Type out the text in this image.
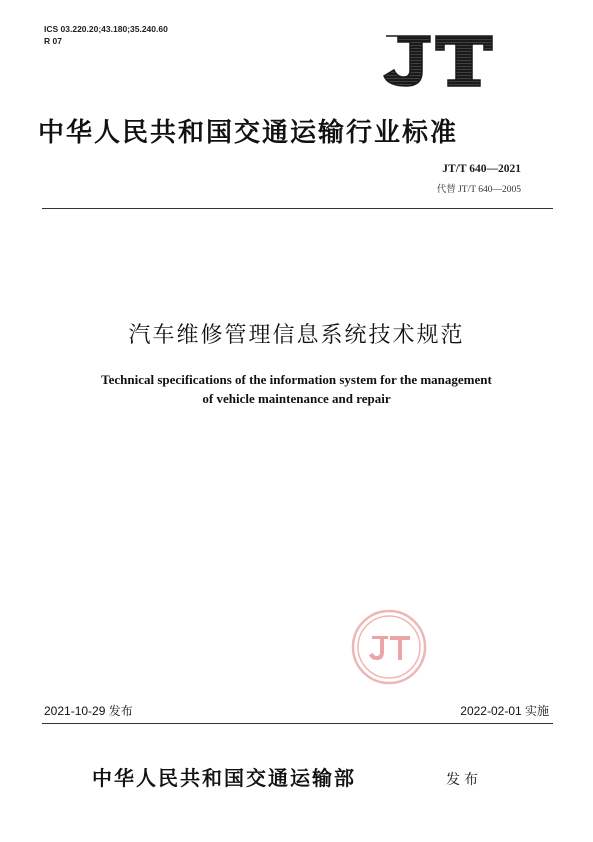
ICS 03.220.20;43.180;35.240.60
R 07
中华人民共和国交通运输行业标准
JT/T 640—2021
代替 JT/T 640—2005
汽车维修管理信息系统技术规范
Technical specifications of the information system for the management
of vehicle maintenance and repair
2021-10-29 发布	2022-02-01 实施
中华人民共和国交通运输部	发布
